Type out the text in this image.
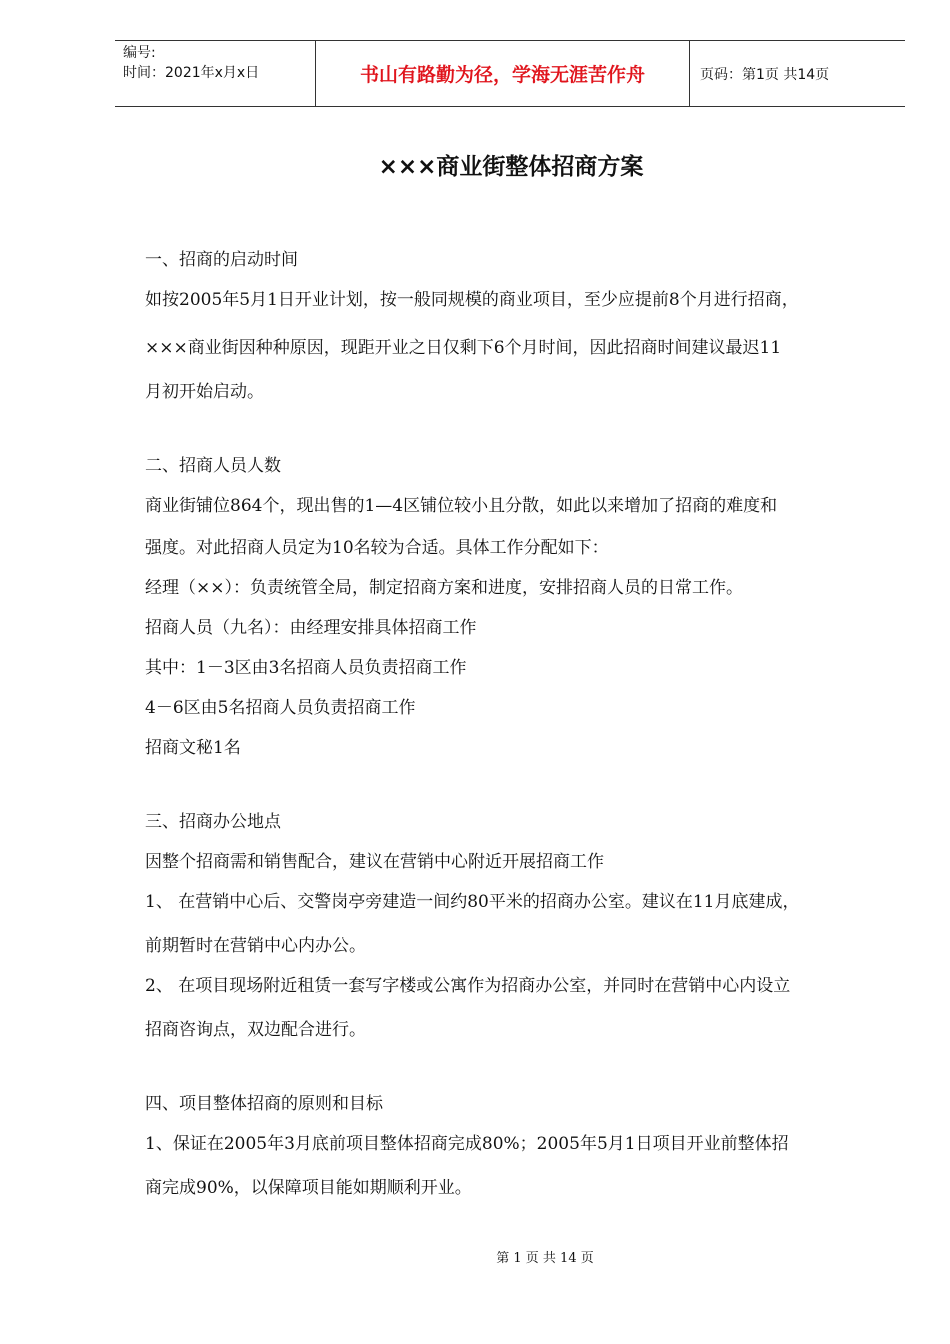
编号:
时间：2021年x月x日	书山有路勤为径，学海无涯苦作舟	页码：第1页 共14页
×××商业街整体招商方案
一、招商的启动时间
如按2005年5月1日开业计划，按一般同规模的商业项目，至少应提前8个月进行招商，
×××商业街因种种原因，现距开业之日仅剩下6个月时间，因此招商时间建议最迟11
月初开始启动。
二、招商人员人数
商业街铺位864个，现出售的1—4区铺位较小且分散，如此以来增加了招商的难度和
强度。对此招商人员定为10名较为合适。具体工作分配如下：
经理（××）：负责统管全局，制定招商方案和进度，安排招商人员的日常工作。
招商人员（九名）：由经理安排具体招商工作
其中：1－3区由3名招商人员负责招商工作
4－6区由5名招商人员负责招商工作
招商文秘1名
三、招商办公地点
因整个招商需和销售配合，建议在营销中心附近开展招商工作
1、 在营销中心后、交警岗亭旁建造一间约80平米的招商办公室。建议在11月底建成，
前期暂时在营销中心内办公。
2、 在项目现场附近租赁一套写字楼或公寓作为招商办公室，并同时在营销中心内设立
招商咨询点，双边配合进行。
四、项目整体招商的原则和目标
1、保证在2005年3月底前项目整体招商完成80%；2005年5月1日项目开业前整体招
商完成90%，以保障项目能如期顺利开业。
第 1 页 共 14 页
